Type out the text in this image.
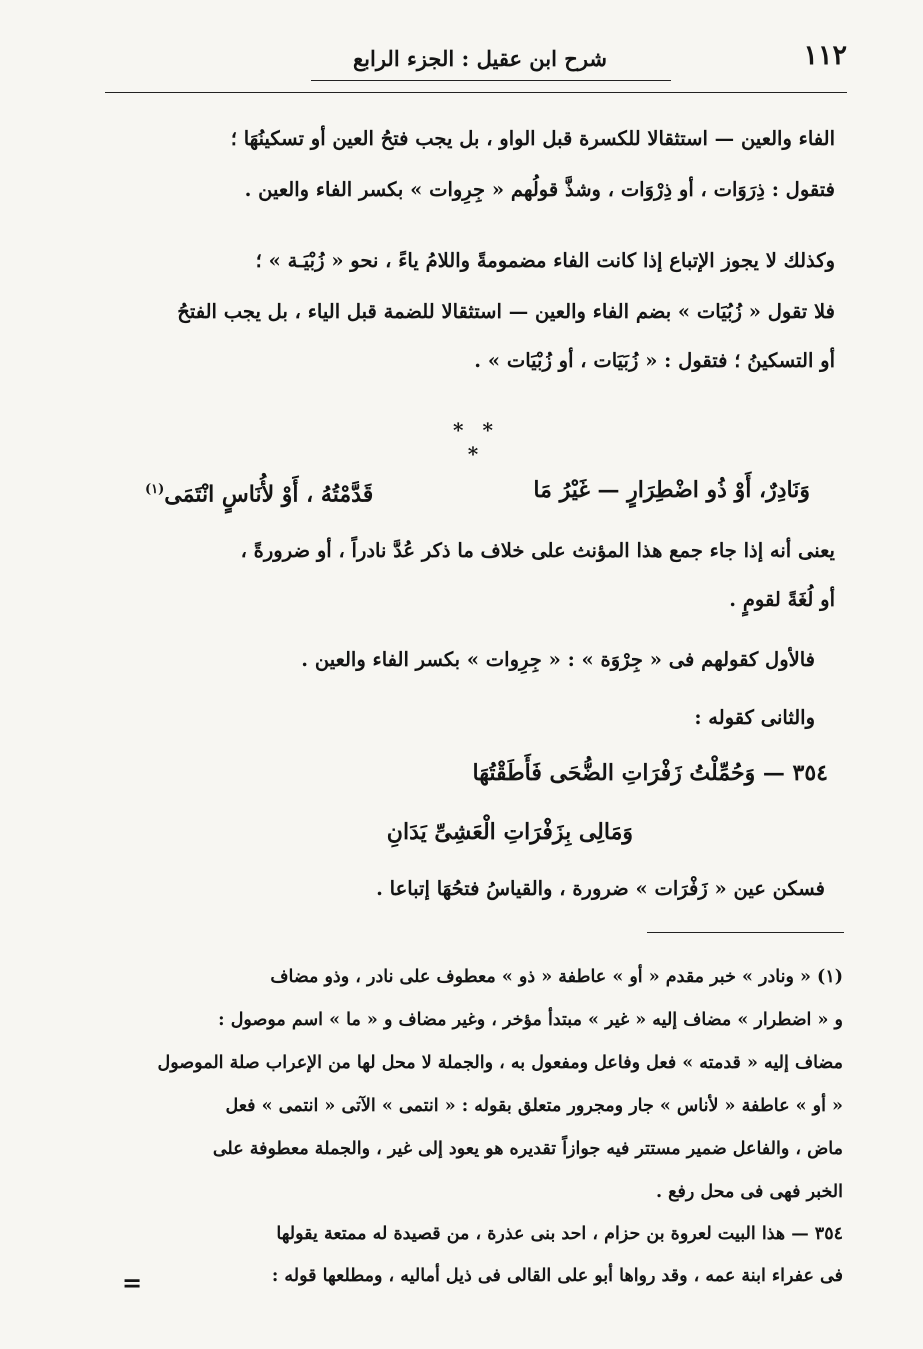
١١٢
شرح ابن عقيل : الجزء الرابع
الفاء والعين — استثقالا للكسرة قبل الواو ، بل يجب فتحُ العين أو تسكينُهَا ؛
فتقول : ذِرَوَات ، أو ذِرْوَات ، وشذَّ قولُهم « جِرِوات » بكسر الفاء والعين .
وكذلك لا يجوز الإتباع إذا كانت الفاء مضمومةً واللامُ ياءً ، نحو « زُبْيَـة » ؛
فلا تقول « زُبُيَات » بضم الفاء والعين — استثقالا للضمة قبل الياء ، بل يجب الفتحُ
أو التسكينُ ؛ فتقول : « زُبَيَات ، أو زُبْيَات » .
* * *
وَنَادِرٌ، أَوْ ذُو اضْطِرَارٍ — غَيْرُ مَا
قَدَّمْتُهُ ، أَوْ لأُنَاسٍ انْتَمَى$^{(١)}$
يعنى أنه إذا جاء جمع هذا المؤنث على خلاف ما ذكر عُدَّ نادراً ، أو ضرورةً ،
أو لُغَةً لقومٍ .
فالأول كقولهم فى « جِرْوَة » : « جِرِوات » بكسر الفاء والعين .
والثانى كقوله :
٣٥٤ — وَحُمِّلْتُ زَفْرَاتِ الضُّحَى فَأَطَقْتُهَا
وَمَالِى بِزَفْرَاتِ الْعَشِىِّ يَدَانِ
فسكن عين « زَفْرَات » ضرورة ، والقياسُ فتحُهَا إتباعا .
(١) « ونادر » خبر مقدم « أو » عاطفة « ذو » معطوف على نادر ، وذو مضاف
و « اضطرار » مضاف إليه « غير » مبتدأ مؤخر ، وغير مضاف و « ما » اسم موصول :
مضاف إليه « قدمته » فعل وفاعل ومفعول به ، والجملة لا محل لها من الإعراب صلة الموصول
« أو » عاطفة « لأناس » جار ومجرور متعلق بقوله : « انتمى » الآتى « انتمى » فعل
ماض ، والفاعل ضمير مستتر فيه جوازاً تقديره هو يعود إلى غير ، والجملة معطوفة على
الخبر فهى فى محل رفع .
٣٥٤ — هذا البيت لعروة بن حزام ، احد بنى عذرة ، من قصيدة له ممتعة يقولها
فى عفراء ابنة عمه ، وقد رواها أبو على القالى فى ذيل أماليه ، ومطلعها قوله :
=
